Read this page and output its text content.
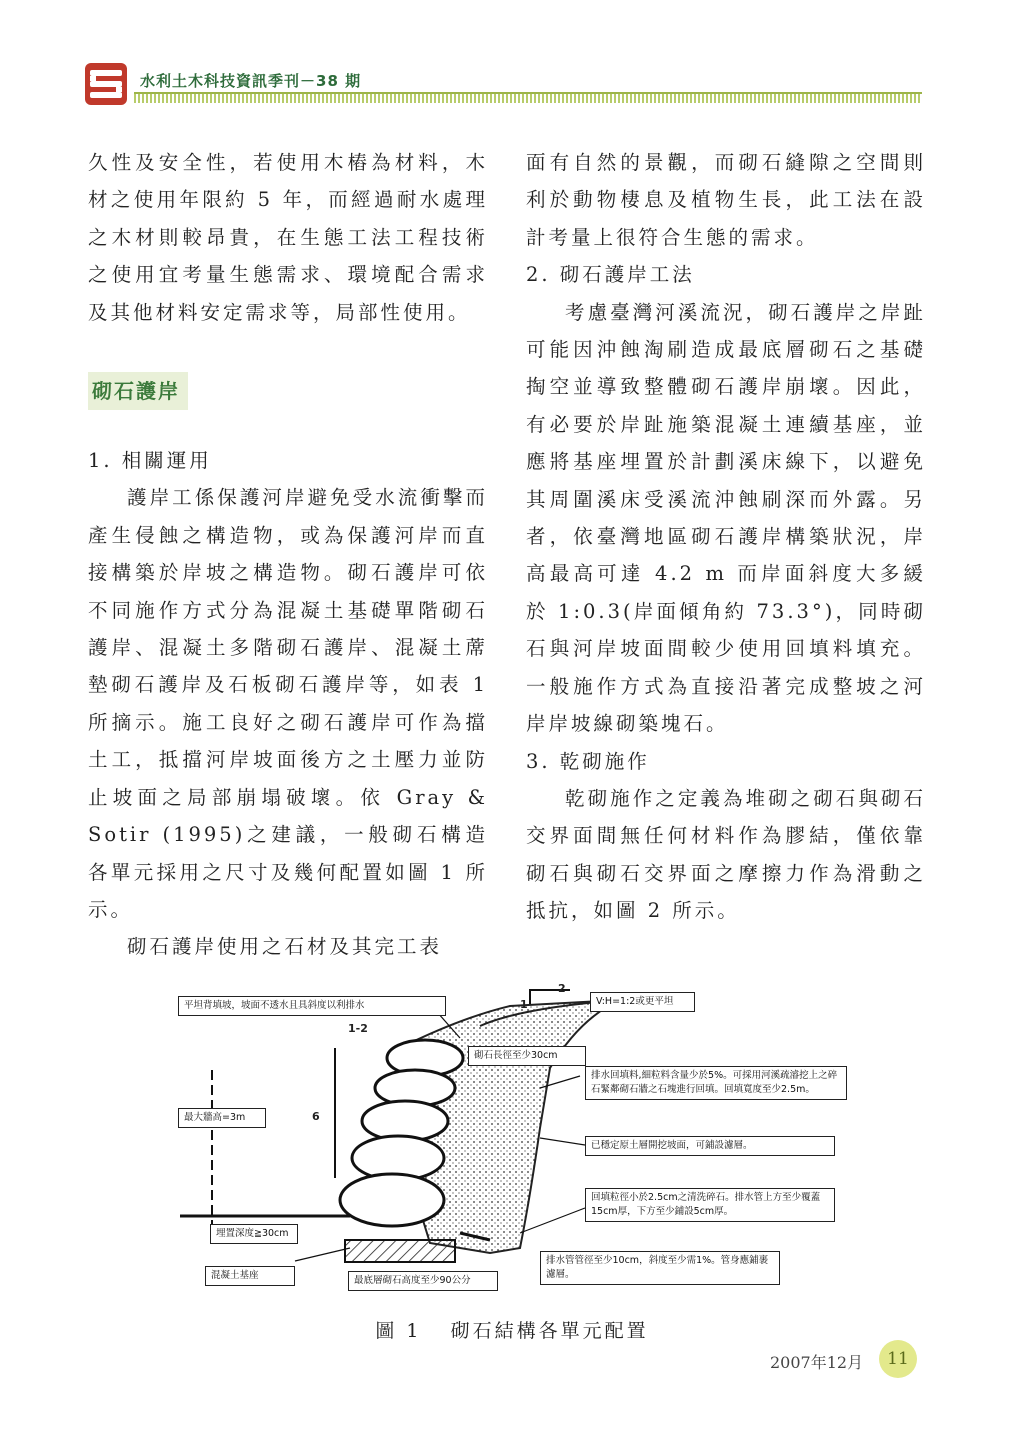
水利土木科技資訊季刊－38 期

久性及安全性，若使用木樁為材料，木材之使用年限約 5 年，而經過耐水處理之木材則較昂貴，在生態工法工程技術之使用宜考量生態需求、環境配合需求及其他材料安定需求等，局部性使用。

砌石護岸

1. 相關運用

護岸工係保護河岸避免受水流衝擊而產生侵蝕之構造物，或為保護河岸而直接構築於岸坡之構造物。砌石護岸可依不同施作方式分為混凝土基礎單階砌石護岸、混凝土多階砌石護岸、混凝土蓆墊砌石護岸及石板砌石護岸等，如表 1 所摘示。施工良好之砌石護岸可作為擋土工，抵擋河岸坡面後方之土壓力並防止坡面之局部崩塌破壞。依 Gray & Sotir (1995)之建議，一般砌石構造各單元採用之尺寸及幾何配置如圖 1 所示。

砌石護岸使用之石材及其完工表

面有自然的景觀，而砌石縫隙之空間則利於動物棲息及植物生長，此工法在設計考量上很符合生態的需求。

2. 砌石護岸工法

考慮臺灣河溪流況，砌石護岸之岸趾可能因沖蝕淘刷造成最底層砌石之基礎掏空並導致整體砌石護岸崩壞。因此，有必要於岸趾施築混凝土連續基座，並應將基座埋置於計劃溪床線下，以避免其周圍溪床受溪流沖蝕刷深而外露。另者，依臺灣地區砌石護岸構築狀況，岸高最高可達 4.2 m 而岸面斜度大多緩於 1:0.3(岸面傾角約 73.3°)，同時砌石與河岸坡面間較少使用回填料填充。一般施作方式為直接沿著完成整坡之河岸岸坡線砌築塊石。

3. 乾砌施作

乾砌施作之定義為堆砌之砌石與砌石交界面間無任何材料作為膠結，僅依靠砌石與砌石交界面之摩擦力作為滑動之抵抗，如圖 2 所示。

平坦背填坡，坡面不透水且具斜度以利排水	V:H=1:2或更平坦
砌石長徑至少30cm
排水回填料,細粒料含量少於5%。可採用河溪疏濬挖上之碎石緊鄰砌石牆之石塊進行回填。回填寬度至少2.5m。
最大牆高=3m
已穩定原土層開挖坡面，可鋪設濾層。
回填粒徑小於2.5cm之清洗碎石。排水管上方至少覆蓋15cm厚，下方至少鋪設5cm厚。
埋置深度≧30cm
排水管管徑至少10cm，斜度至少需1%。管身應鋪裹濾層。
混凝土基座	最底層砌石高度至少90公分
2
1
1-2
6
圖 1 砌石結構各單元配置
2007年12月	11
